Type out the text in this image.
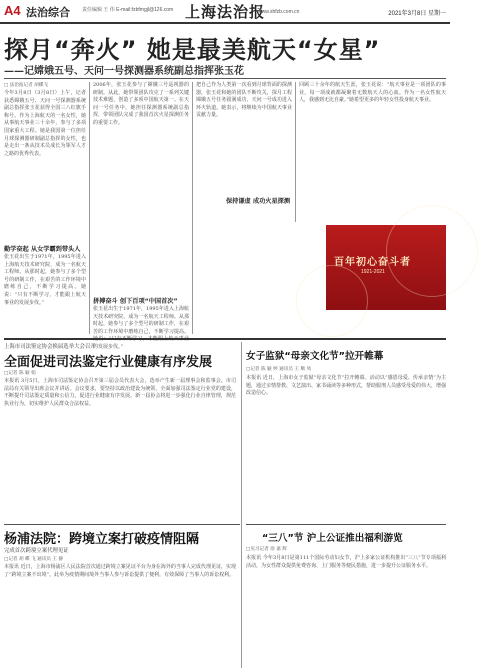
A4 法治综合 责任编辑 王 伟 E-mail:fzbfmgjl@126.com 上海法治报
www.shfzb.com.cn	2021年3月8日 星期一
探月“奔火” 她是最美航天“女星”
——记嫦娥五号、天问一号探测器系统副总指挥张玉花
□ 法治报记者 胡蝶飞

今年3月8日（3月8日）上午，记者获悉嫦娥五号、天问一号探测器系统副总指挥张玉花获得全国三八红旗手称号。作为上海航天的一名女性，她从事航天事业三十余年，参与了多项国家重大工程。她是我国第一位担任月球探测器研制副总指挥的女性，也是走出一条从技术员成长为领军人才之路的优秀代表。

勤学奋起 从女学霸到带头人

张玉花出生于1971年，1995年进入上海航天技术研究院，成为一名航天工程师。从那时起，她参与了多个型号的研制工作，在艰苦的工作环境中磨练自己，不断学习提高。她说：“只有不断学习，才能跟上航天事业的发展步伐。”

2006年，张玉花参与了嫦娥三号巡视器的研制。从此，她带领团队攻克了一系列关键技术难题，创造了多项中国航天第一。在天问一号任务中，她担任探测器系统副总指挥，带领团队完成了我国首次火星探测任务的重要工作。

拼搏奋斗 创下百项“中国首次”

张玉花出生于1971年，1995年进入上海航天技术研究院，成为一名航天工程师。从那时起，她参与了多个型号的研制工作，在艰苦的工作环境中磨练自己，不断学习提高。她说：“只有不断学习，才能跟上航天事业的发展步伐。”

把自己作为人类第一次看到月球背面的探测器，张玉花和她的团队不断攻关，探月工程嫦娥五号任务圆满成功，天问一号成功进入环火轨道。她表示，将继续为中国航天事业贡献力量。

回顾三十余年的航天生涯，张玉花说：“航天事业是一项团队的事业，每一项成就都凝聚着无数航天人的心血。作为一名女性航天人，我感到无比自豪。”她希望更多的年轻女性投身航天事业。

保持谦虚 成功火星探测
百年初心奋斗者
1921-2021
上海市司法鉴定协会换届选举大会召开
全面促进司法鉴定行业健康有序发展
□记者 陈 颖 娟

本报讯 3月5日，上海市司法鉴定协会召开第三届会员代表大会，选举产生新一届理事会和监事会。市司法局有关领导出席会议并讲话。会议要求，要坚持以政治建设为统领，全面加强司法鉴定行业党的建设，不断提升司法鉴定质量和公信力，促进行业健康有序发展。新一届协会将进一步强化行业自律管理，规范执业行为，切实维护人民群众合法权益。

女子监狱“母亲文化节”拉开帷幕
□记者 陈 颖 婷 通讯员 王 顺 凤

本报讯 近日，上海市女子监狱“母亲文化节”拉开帷幕。活动以“感恩母爱、传承亲情”为主题，通过亲情帮教、文艺演出、家书诵读等多种形式，帮助服刑人员感受母爱的伟大，增强改造信心。

杨浦法院：跨境立案打破疫情阻隔
完成首次跨境立案代理见证
□记者 胡 蝶 飞 通讯员 王 静

本报讯 近日，上海市杨浦区人民法院首次通过跨境立案见证平台为身在海外的当事人完成代理见证，实现了“跨境立案不出境”。此举为疫情期间境外当事人参与诉讼提供了便利，有效保障了当事人的诉讼权利。

“三八”节 沪上公证推出福利游览
□见习记者 徐 嘉 辉

本报讯 今年3月8日是第111个国际劳动妇女节，沪上多家公证机构推出“三八”节专项福利活动，为女性群众提供免费咨询、上门服务等便民措施，进一步提升公证服务水平。
